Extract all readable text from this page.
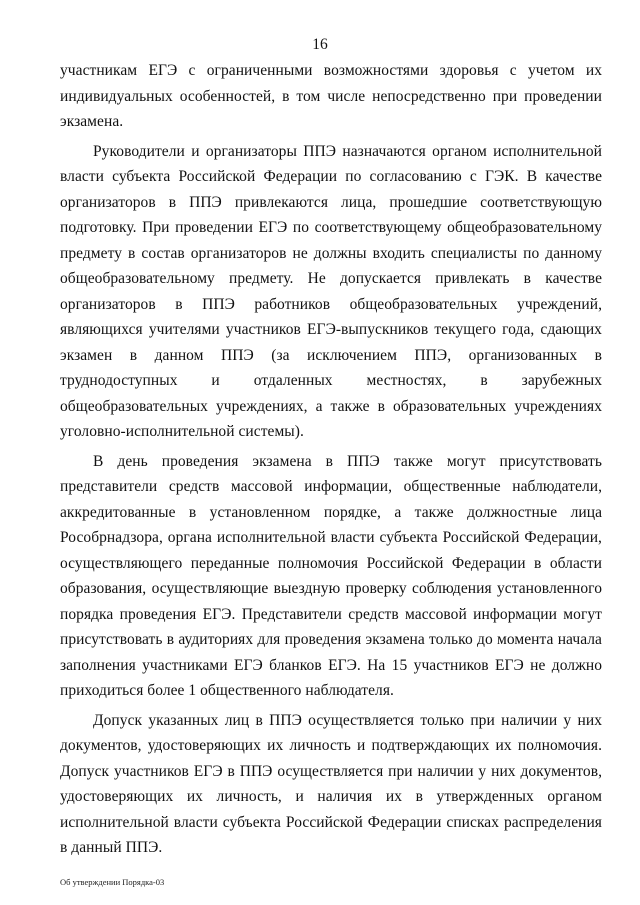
16

участникам ЕГЭ с ограниченными возможностями здоровья с учетом их индивидуальных особенностей, в том числе непосредственно при проведении экзамена.

Руководители и организаторы ППЭ назначаются органом исполнительной власти субъекта Российской Федерации по согласованию с ГЭК. В качестве организаторов в ППЭ привлекаются лица, прошедшие соответствующую подготовку. При проведении ЕГЭ по соответствующему общеобразовательному предмету в состав организаторов не должны входить специалисты по данному общеобразовательному предмету. Не допускается привлекать в качестве организаторов в ППЭ работников общеобразовательных учреждений, являющихся учителями участников ЕГЭ-выпускников текущего года, сдающих экзамен в данном ППЭ (за исключением ППЭ, организованных в труднодоступных и отдаленных местностях, в зарубежных общеобразовательных учреждениях, а также в образовательных учреждениях уголовно-исполнительной системы).

В день проведения экзамена в ППЭ также могут присутствовать представители средств массовой информации, общественные наблюдатели, аккредитованные в установленном порядке, а также должностные лица Рособрнадзора, органа исполнительной власти субъекта Российской Федерации, осуществляющего переданные полномочия Российской Федерации в области образования, осуществляющие выездную проверку соблюдения установленного порядка проведения ЕГЭ. Представители средств массовой информации могут присутствовать в аудиториях для проведения экзамена только до момента начала заполнения участниками ЕГЭ бланков ЕГЭ. На 15 участников ЕГЭ не должно приходиться более 1 общественного наблюдателя.

Допуск указанных лиц в ППЭ осуществляется только при наличии у них документов, удостоверяющих их личность и подтверждающих их полномочия. Допуск участников ЕГЭ в ППЭ осуществляется при наличии у них документов, удостоверяющих их личность, и наличия их в утвержденных органом исполнительной власти субъекта Российской Федерации списках распределения в данный ППЭ.

Об утверждении Порядка-03
